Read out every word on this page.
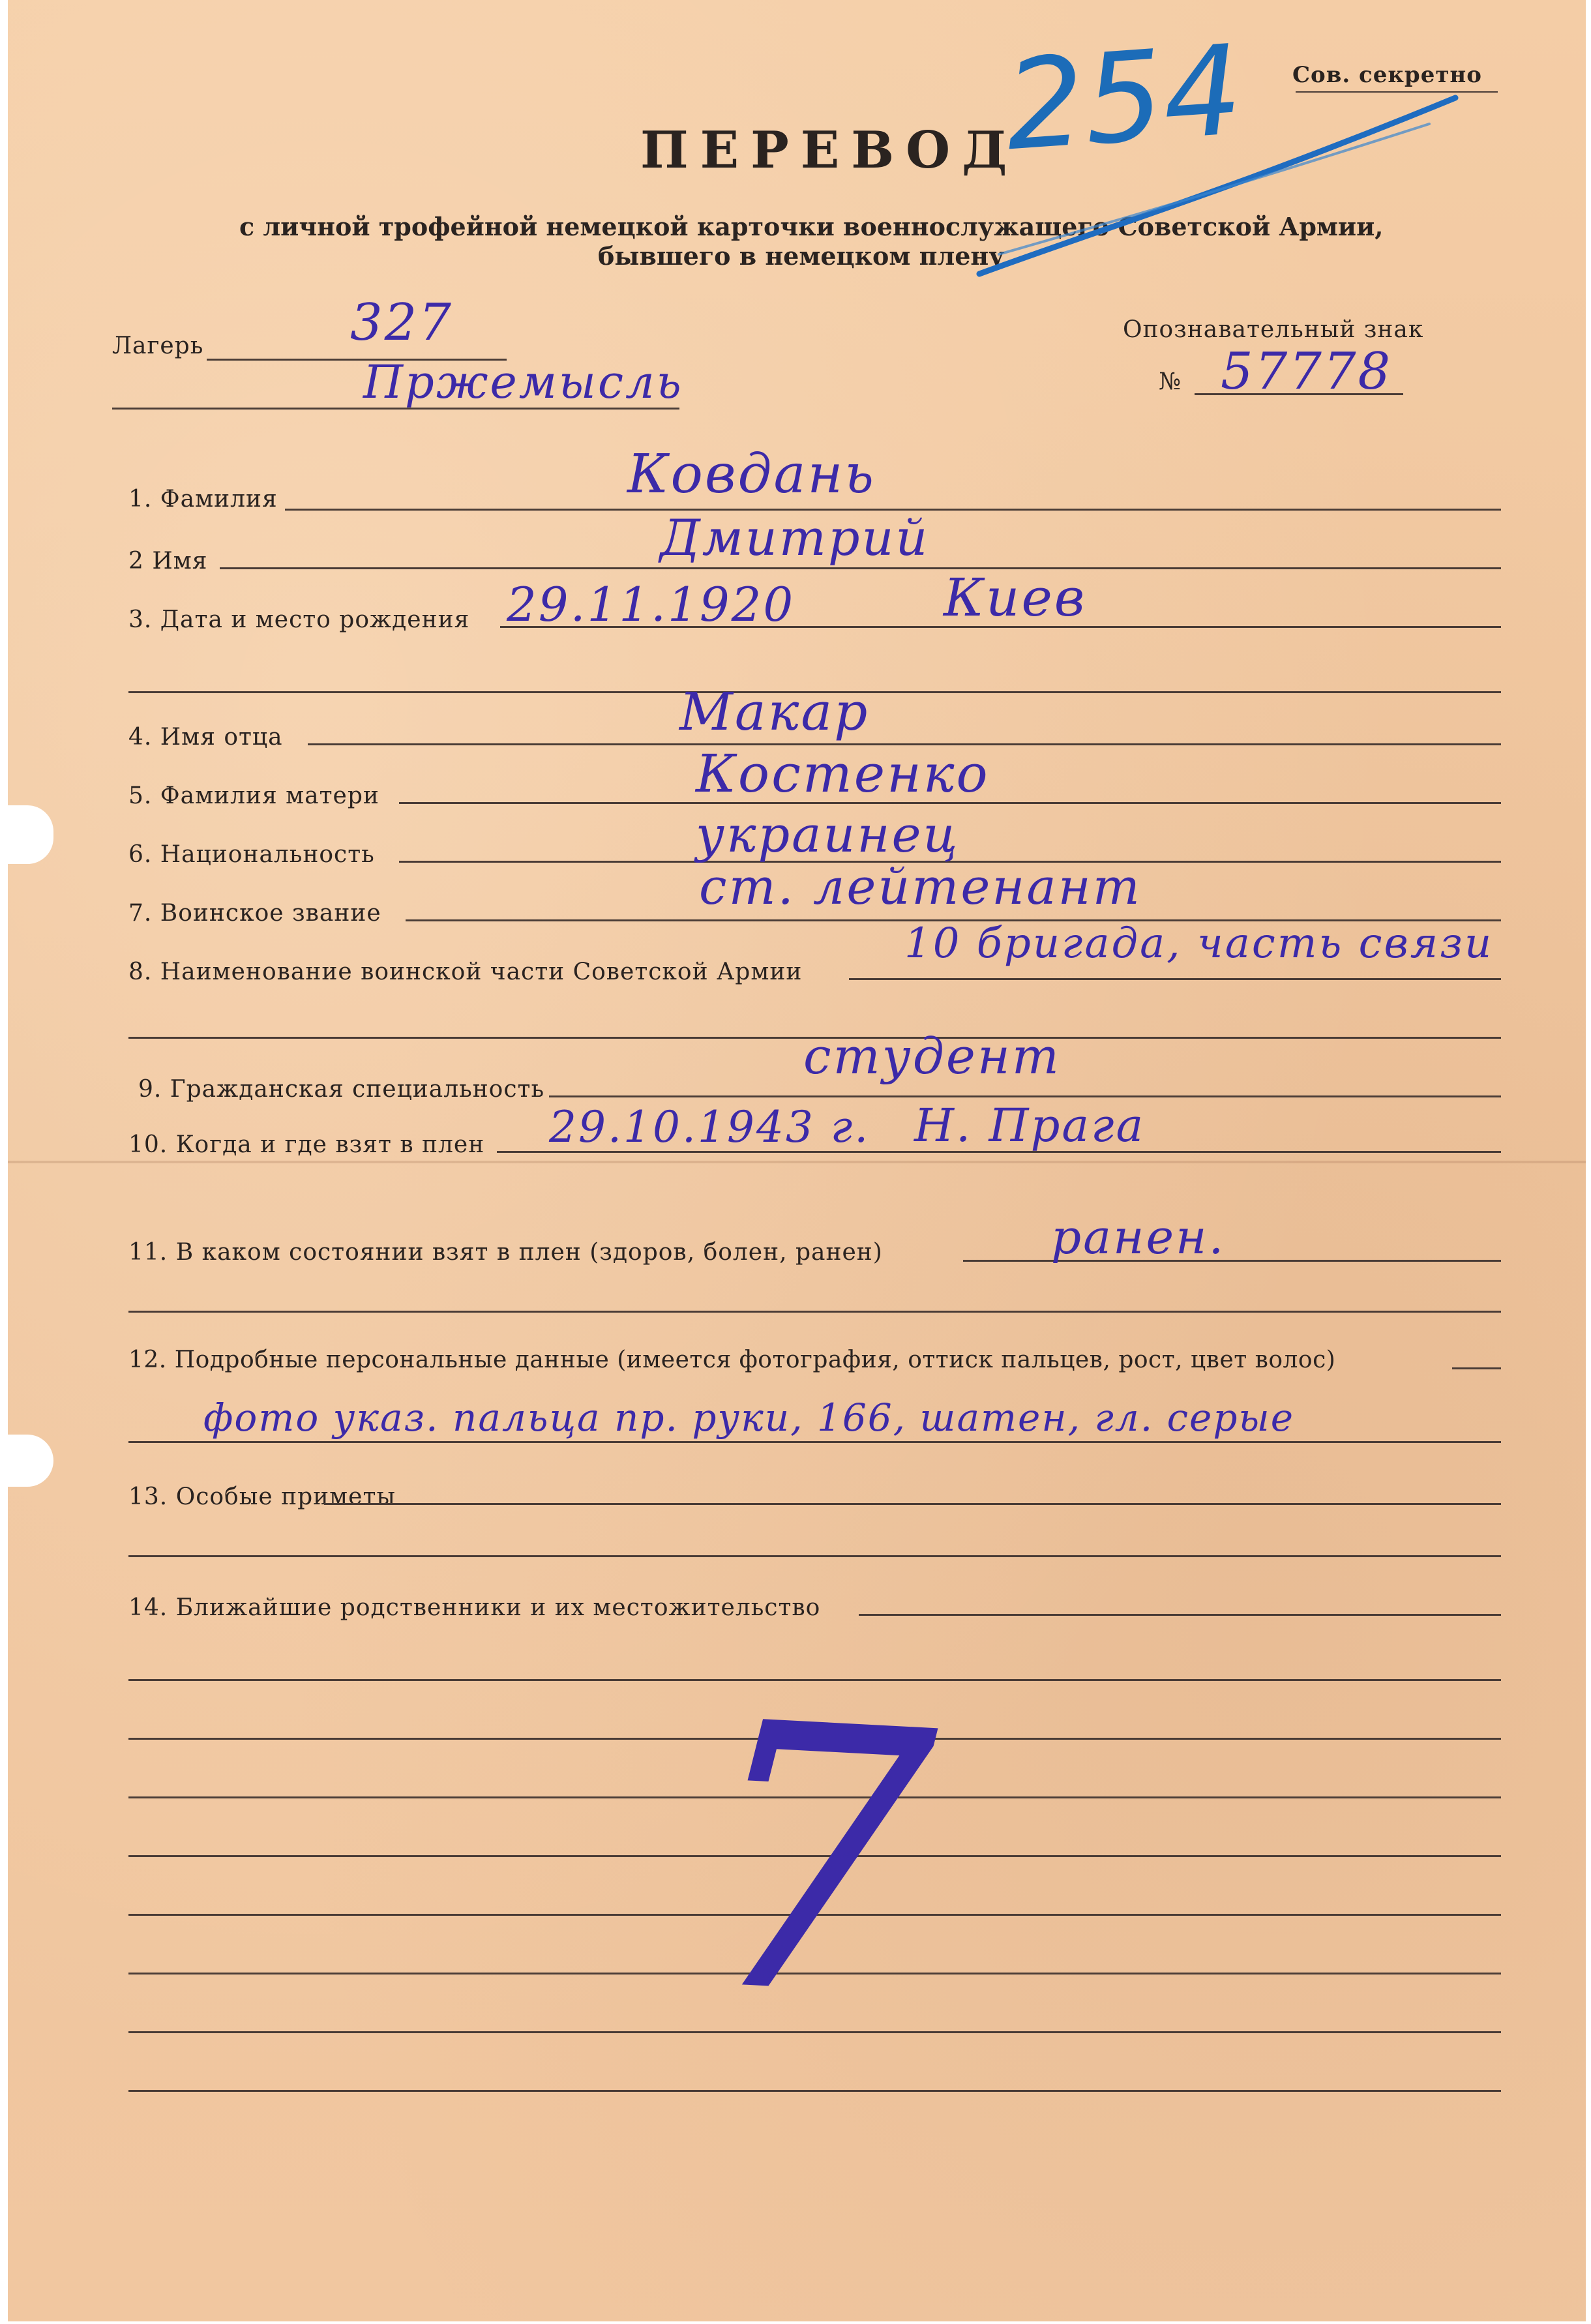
Сов. секретно
ПЕРЕВОД
с личной трофейной немецкой карточки военнослужащего Советской Армии,
бывшего в немецком плену.
254
Лагерь	327
Пржемысль
Опознавательный знак
№ 57778
1. Фамилия	Ковдань
2 Имя	Дмитрий
3. Дата и место рождения 29.11.1920	Киев
4. Имя отца	Макар
5. Фамилия матери	Костенко
6. Национальность	украинец
7. Воинское звание	ст. лейтенант
8. Наименование воинской части Советской Армии
10 бригада, часть связи
9. Гражданская специальность
студент
10. Когда и где взят в плен 29.10.1943 г. Н. Прага
11. В каком состоянии взят в плен (здоров, болен, ранен)	ранен.
12. Подробные персональные данные (имеется фотография, оттиск пальцев, рост, цвет волос)
фото указ. пальца пр. руки, 166, шатен, гл. серые
13. Особые приметы
14. Ближайшие родственники и их местожительство
7
